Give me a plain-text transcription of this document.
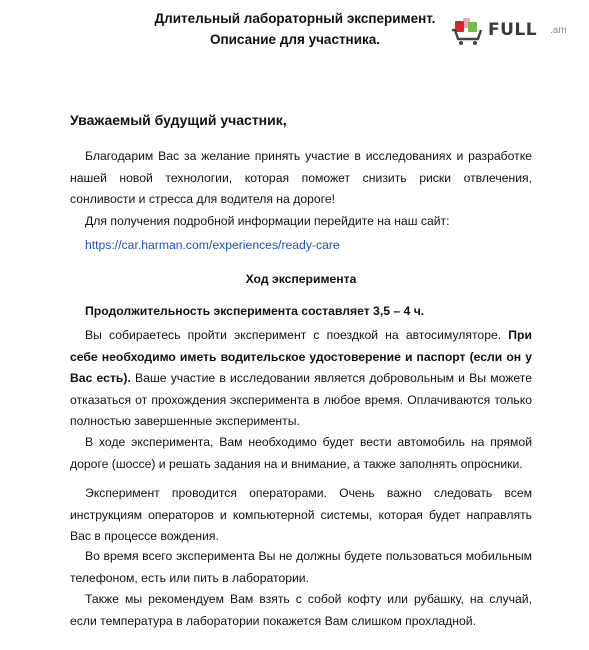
Длительный лабораторный эксперимент.
Описание для участника.	FULL .am
Уважаемый будущий участник,

Благодарим Вас за желание принять участие в исследованиях и разработке нашей новой технологии, которая поможет снизить риски отвлечения, сонливости и стресса для водителя на дороге!

Для получения подробной информации перейдите на наш сайт:

https://car.harman.com/experiences/ready-care
Ход эксперимента
Продолжительность эксперимента составляет 3,5 – 4 ч.

Вы собираетесь пройти эксперимент с поездкой на автосимуляторе. При себе необходимо иметь водительское удостоверение и паспорт (если он у Вас есть). Ваше участие в исследовании является добровольным и Вы можете отказаться от прохождения эксперимента в любое время. Оплачиваются только полностью завершенные эксперименты.

В ходе эксперимента, Вам необходимо будет вести автомобиль на прямой дороге (шоссе) и решать задания на и внимание, а также заполнять опросники.

Эксперимент проводится операторами. Очень важно следовать всем инструкциям операторов и компьютерной системы, которая будет направлять Вас в процессе вождения.

Во время всего эксперимента Вы не должны будете пользоваться мобильным телефоном, есть или пить в лаборатории.

Также мы рекомендуем Вам взять с собой кофту или рубашку, на случай, если температура в лаборатории покажется Вам слишком прохладной.
